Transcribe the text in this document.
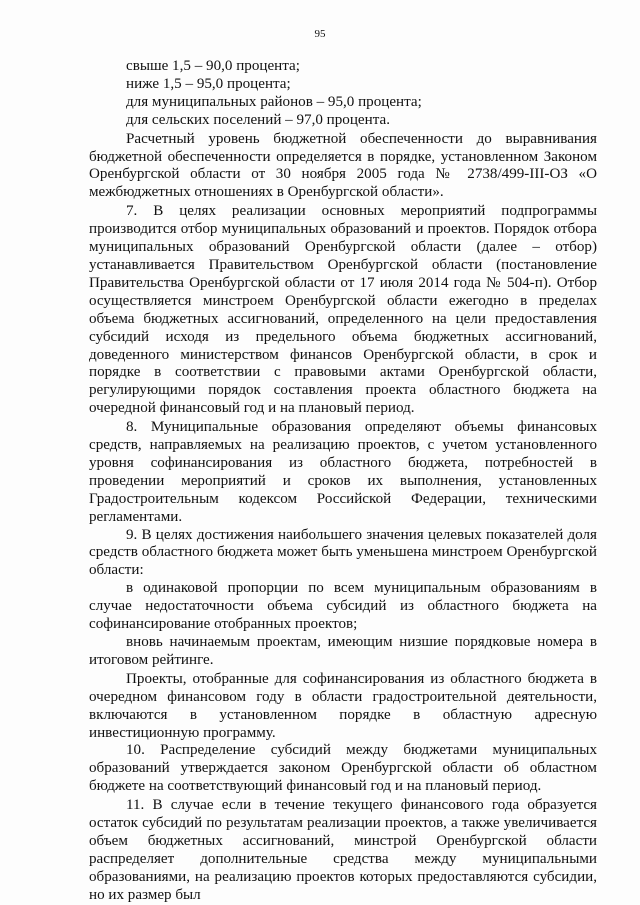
95

свыше 1,5 – 90,0 процента;

ниже 1,5 – 95,0 процента;

для муниципальных районов – 95,0 процента;

для сельских поселений – 97,0 процента.

Расчетный уровень бюджетной обеспеченности до выравнивания бюджетной обеспеченности определяется в порядке, установленном Законом Оренбургской области от 30 ноября 2005 года № 2738/499-III-ОЗ «О межбюджетных отношениях в Оренбургской области».

7. В целях реализации основных мероприятий подпрограммы производится отбор муниципальных образований и проектов. Порядок отбора муниципальных образований Оренбургской области (далее – отбор) устанавливается Правительством Оренбургской области (постановление Правительства Оренбургской области от 17 июля 2014 года № 504-п). Отбор осуществляется минстроем Оренбургской области ежегодно в пределах объема бюджетных ассигнований, определенного на цели предоставления субсидий исходя из предельного объема бюджетных ассигнований, доведенного министерством финансов Оренбургской области, в срок и порядке в соответствии с правовыми актами Оренбургской области, регулирующими порядок составления проекта областного бюджета на очередной финансовый год и на плановый период.

8. Муниципальные образования определяют объемы финансовых средств, направляемых на реализацию проектов, с учетом установленного уровня софинансирования из областного бюджета, потребностей в проведении мероприятий и сроков их выполнения, установленных Градостроительным кодексом Российской Федерации, техническими регламентами.

9. В целях достижения наибольшего значения целевых показателей доля средств областного бюджета может быть уменьшена минстроем Оренбургской области:

в одинаковой пропорции по всем муниципальным образованиям в случае недостаточности объема субсидий из областного бюджета на софинансирование отобранных проектов;

вновь начинаемым проектам, имеющим низшие порядковые номера в итоговом рейтинге.

Проекты, отобранные для софинансирования из областного бюджета в очередном финансовом году в области градостроительной деятельности, включаются в установленном порядке в областную адресную инвестиционную программу.

10. Распределение субсидий между бюджетами муниципальных образований утверждается законом Оренбургской области об областном бюджете на соответствующий финансовый год и на плановый период.

11. В случае если в течение текущего финансового года образуется остаток субсидий по результатам реализации проектов, а также увеличивается объем бюджетных ассигнований, минстрой Оренбургской области распределяет дополнительные средства между муниципальными образованиями, на реализацию проектов которых предоставляются субсидии, но их размер был
